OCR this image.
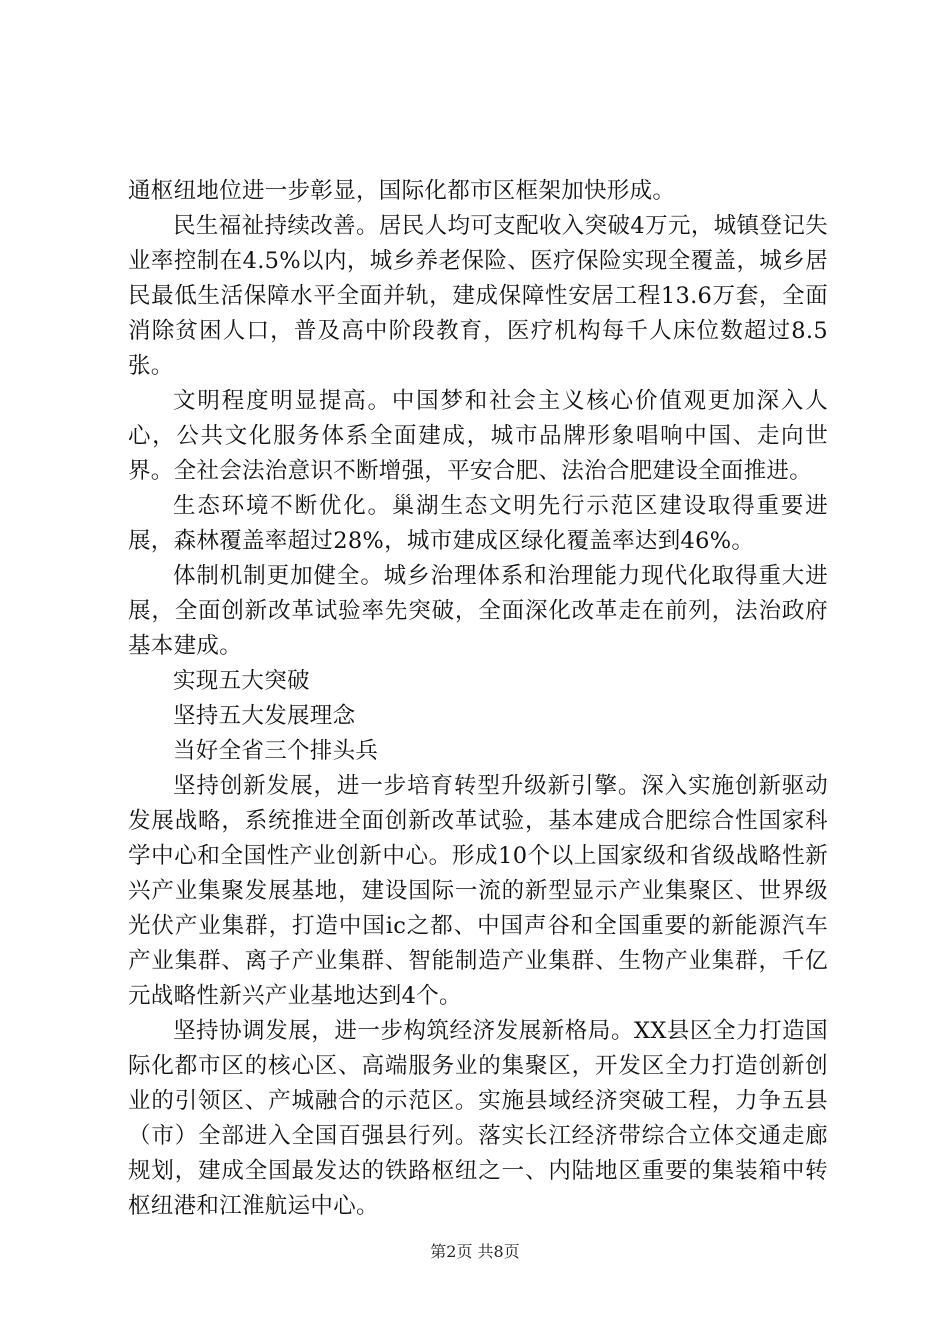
通枢纽地位进一步彰显，国际化都市区框架加快形成。

民生福祉持续改善。居民人均可支配收入突破4万元，城镇登记失业率控制在4.5%以内，城乡养老保险、医疗保险实现全覆盖，城乡居民最低生活保障水平全面并轨，建成保障性安居工程13.6万套，全面消除贫困人口，普及高中阶段教育，医疗机构每千人床位数超过8.5张。

文明程度明显提高。中国梦和社会主义核心价值观更加深入人心，公共文化服务体系全面建成，城市品牌形象唱响中国、走向世界。全社会法治意识不断增强，平安合肥、法治合肥建设全面推进。

生态环境不断优化。巢湖生态文明先行示范区建设取得重要进展，森林覆盖率超过28%，城市建成区绿化覆盖率达到46%。

体制机制更加健全。城乡治理体系和治理能力现代化取得重大进展，全面创新改革试验率先突破，全面深化改革走在前列，法治政府基本建成。

实现五大突破

坚持五大发展理念

当好全省三个排头兵

坚持创新发展，进一步培育转型升级新引擎。深入实施创新驱动发展战略，系统推进全面创新改革试验，基本建成合肥综合性国家科学中心和全国性产业创新中心。形成10个以上国家级和省级战略性新兴产业集聚发展基地，建设国际一流的新型显示产业集聚区、世界级光伏产业集群，打造中国ic之都、中国声谷和全国重要的新能源汽车产业集群、离子产业集群、智能制造产业集群、生物产业集群，千亿元战略性新兴产业基地达到4个。

坚持协调发展，进一步构筑经济发展新格局。XX县区全力打造国际化都市区的核心区、高端服务业的集聚区，开发区全力打造创新创业的引领区、产城融合的示范区。实施县域经济突破工程，力争五县（市）全部进入全国百强县行列。落实长江经济带综合立体交通走廊规划，建成全国最发达的铁路枢纽之一、内陆地区重要的集装箱中转枢纽港和江淮航运中心。

第2页 共8页
